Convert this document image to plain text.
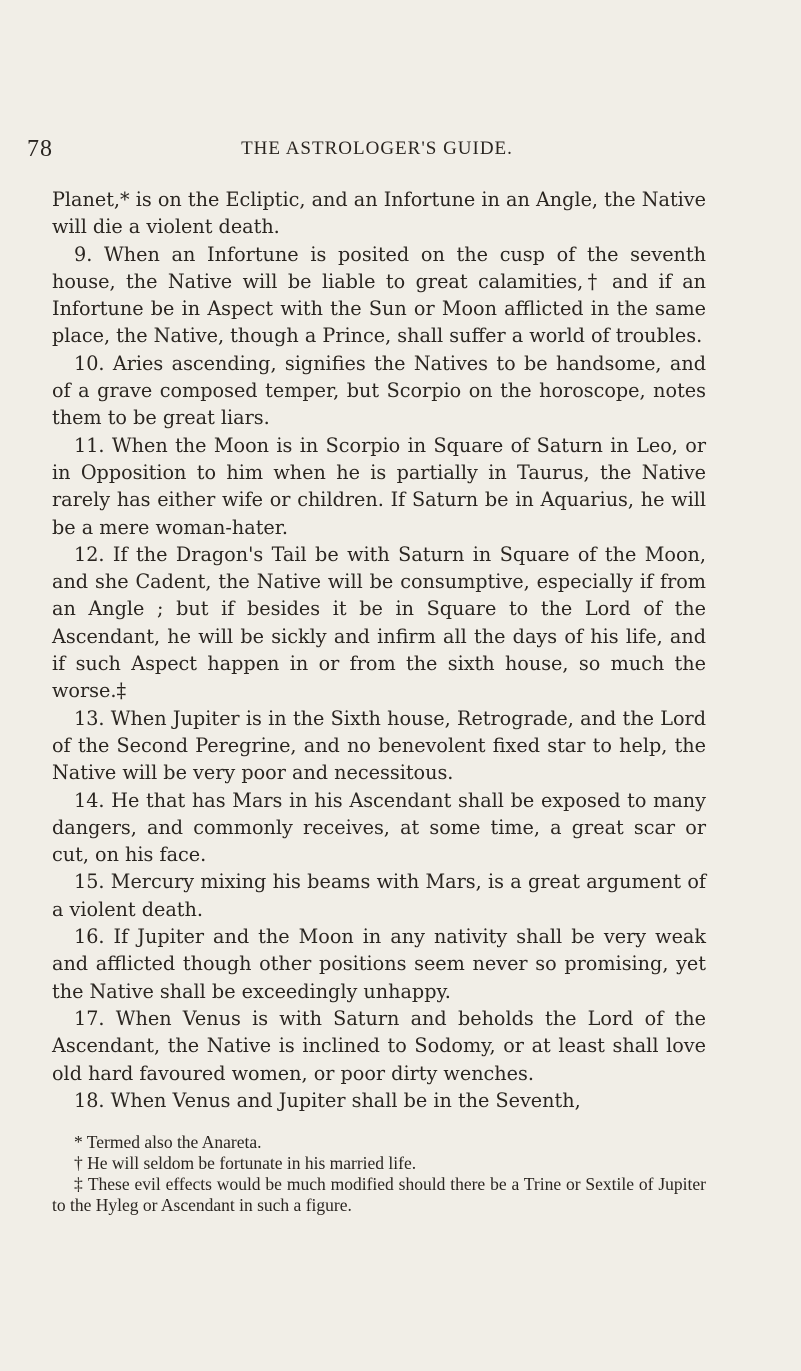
78	THE ASTROLOGER'S GUIDE.

Planet,* is on the Ecliptic, and an Infortune in an Angle, the Native will die a violent death.

9. When an Infortune is posited on the cusp of the seventh house, the Native will be liable to great calamities,† and if an Infortune be in Aspect with the Sun or Moon afflicted in the same place, the Native, though a Prince, shall suffer a world of troubles.

10. Aries ascending, signifies the Natives to be handsome, and of a grave composed temper, but Scorpio on the horoscope, notes them to be great liars.

11. When the Moon is in Scorpio in Square of Saturn in Leo, or in Opposition to him when he is partially in Taurus, the Native rarely has either wife or children. If Saturn be in Aquarius, he will be a mere woman-hater.

12. If the Dragon's Tail be with Saturn in Square of the Moon, and she Cadent, the Native will be consumptive, especially if from an Angle ; but if besides it be in Square to the Lord of the Ascendant, he will be sickly and infirm all the days of his life, and if such Aspect happen in or from the sixth house, so much the worse.‡

13. When Jupiter is in the Sixth house, Retrograde, and the Lord of the Second Peregrine, and no benevolent fixed star to help, the Native will be very poor and necessitous.

14. He that has Mars in his Ascendant shall be exposed to many dangers, and commonly receives, at some time, a great scar or cut, on his face.

15. Mercury mixing his beams with Mars, is a great argument of a violent death.

16. If Jupiter and the Moon in any nativity shall be very weak and afflicted though other positions seem never so promising, yet the Native shall be exceedingly unhappy.

17. When Venus is with Saturn and beholds the Lord of the Ascendant, the Native is inclined to Sodomy, or at least shall love old hard favoured women, or poor dirty wenches.

18. When Venus and Jupiter shall be in the Seventh,

* Termed also the Anareta.

† He will seldom be fortunate in his married life.

‡ These evil effects would be much modified should there be a Trine or Sextile of Jupiter to the Hyleg or Ascendant in such a figure.
